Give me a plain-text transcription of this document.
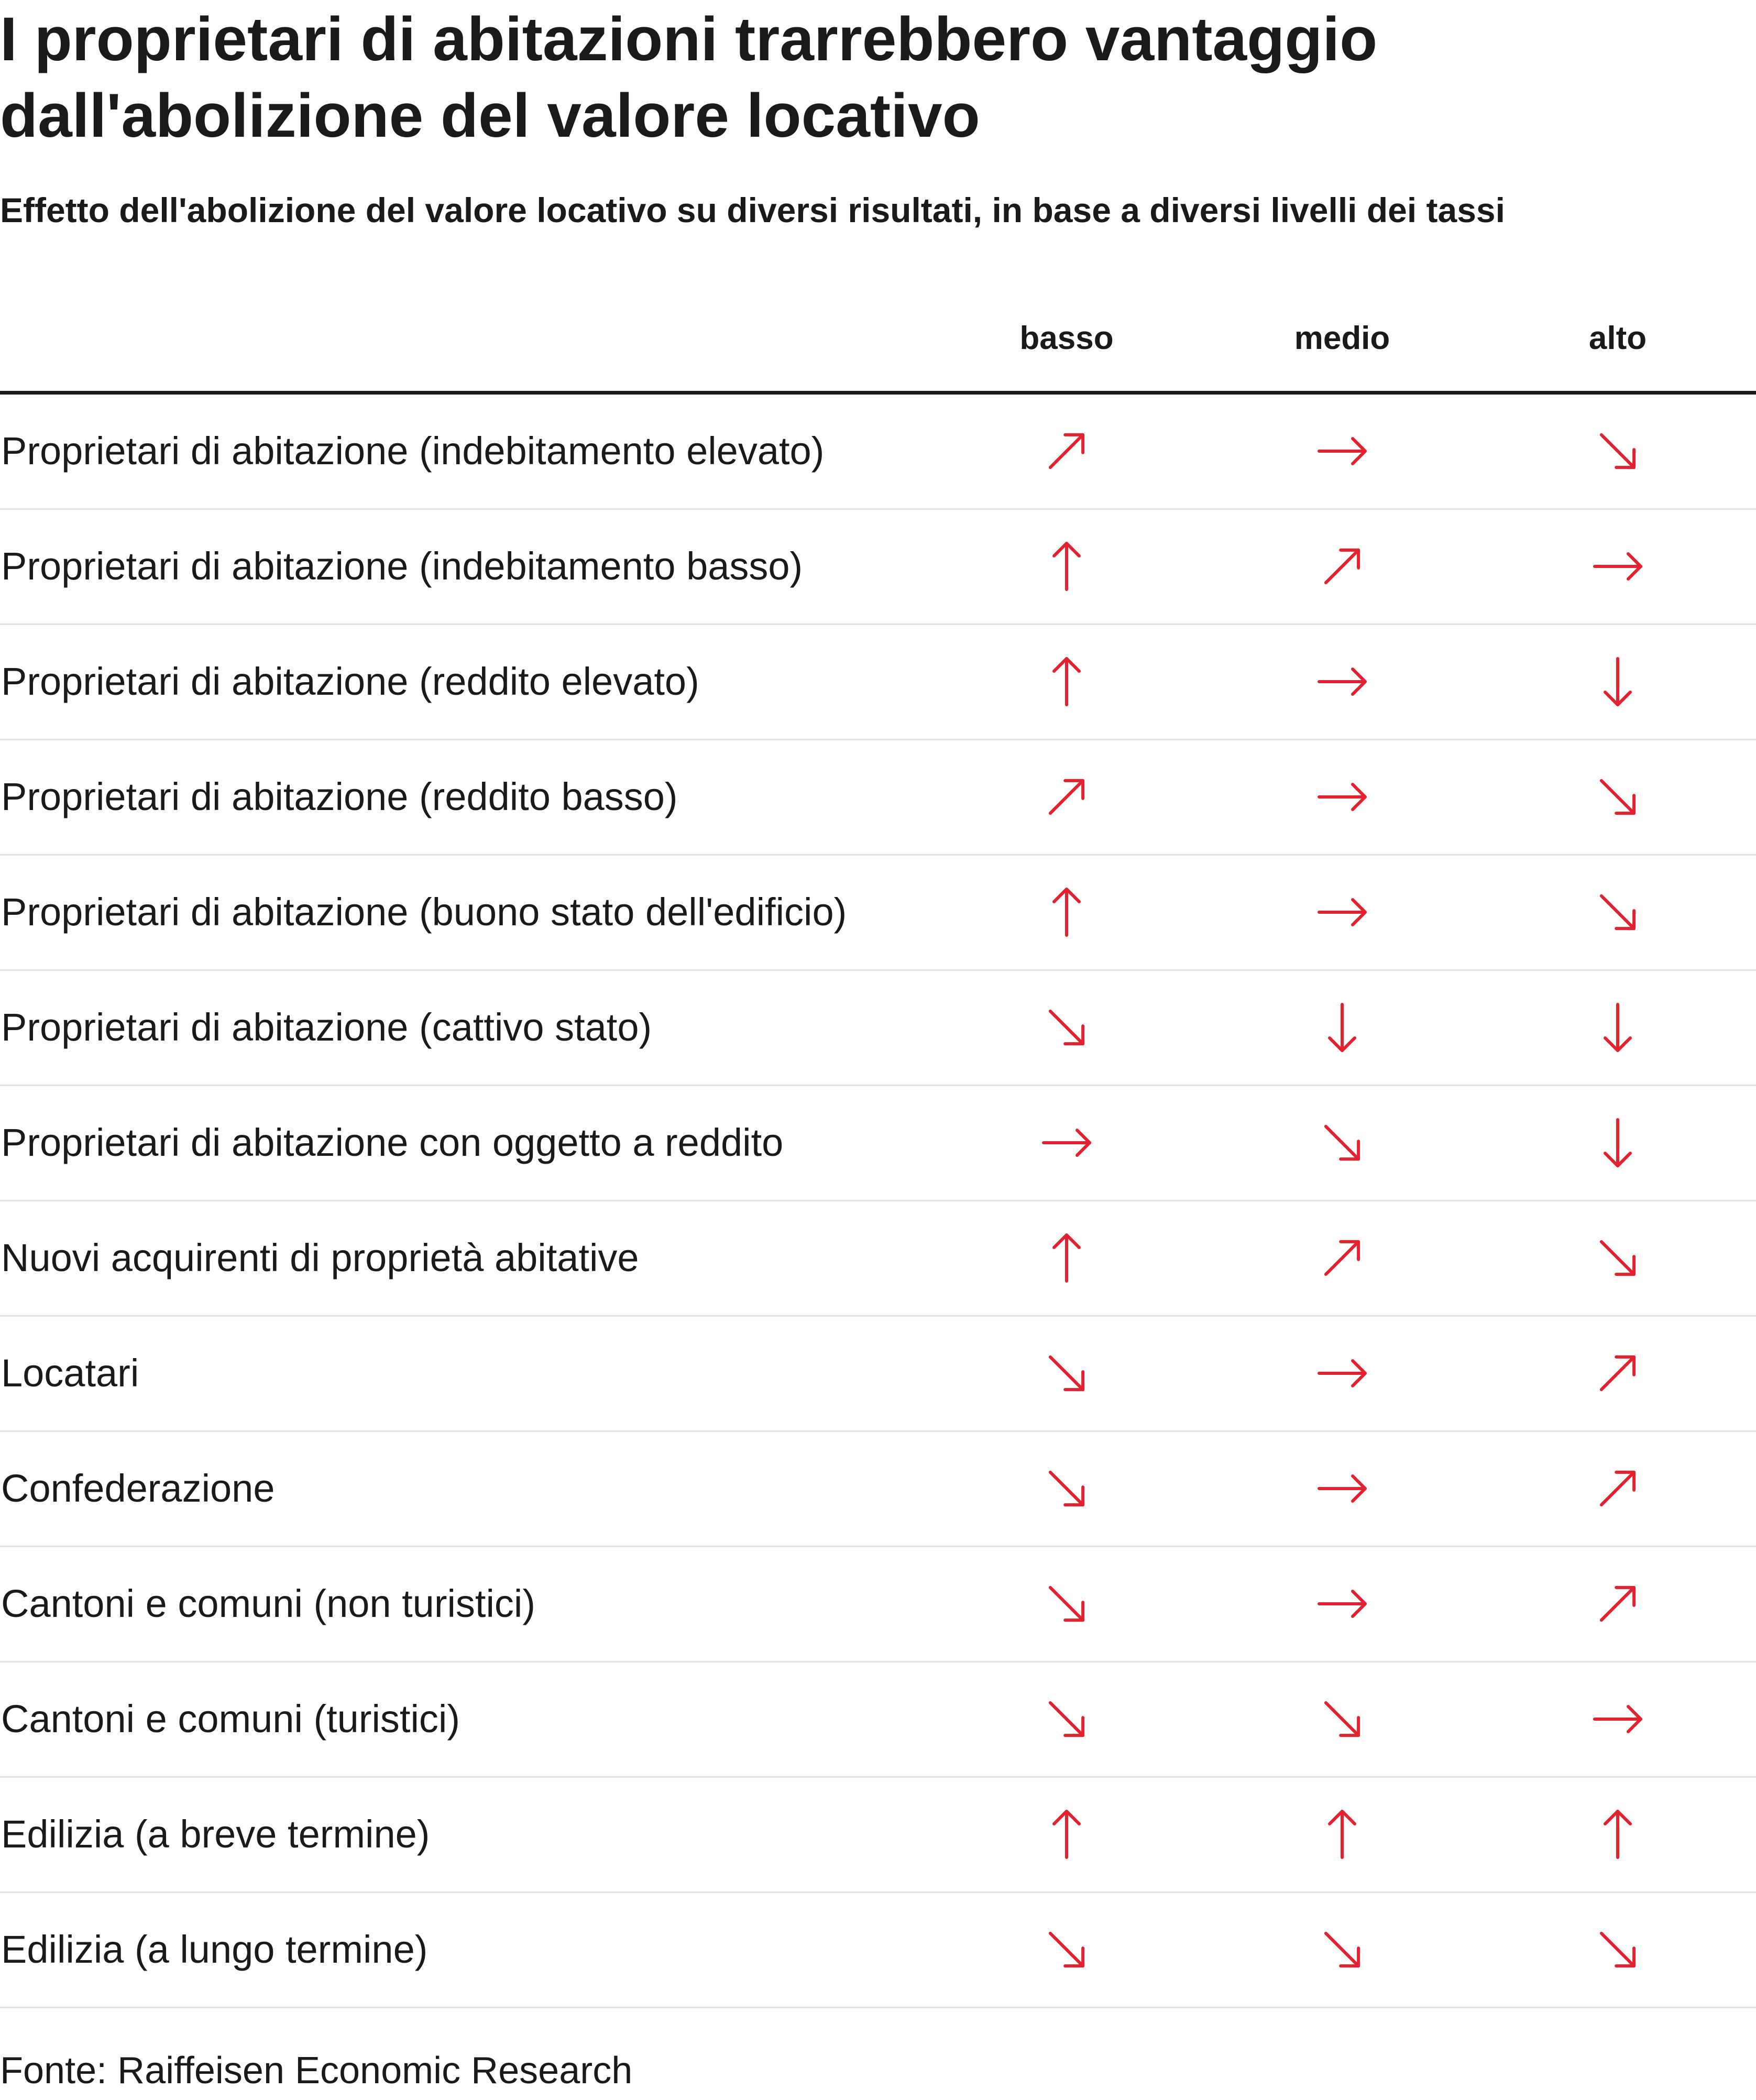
I proprietari di abitazioni trarrebbero vantaggio
dall'abolizione del valore locativo
Effetto dell'abolizione del valore locativo su diversi risultati, in base a diversi livelli dei tassi
basso	medio	alto
Proprietari di abitazione (indebitamento elevato)
Proprietari di abitazione (indebitamento basso)
Proprietari di abitazione (reddito elevato)
Proprietari di abitazione (reddito basso)
Proprietari di abitazione (buono stato dell'edificio)
Proprietari di abitazione (cattivo stato)
Proprietari di abitazione con oggetto a reddito
Nuovi acquirenti di proprietà abitative
Locatari
Confederazione
Cantoni e comuni (non turistici)
Cantoni e comuni (turistici)
Edilizia (a breve termine)
Edilizia (a lungo termine)
Fonte: Raiffeisen Economic Research
